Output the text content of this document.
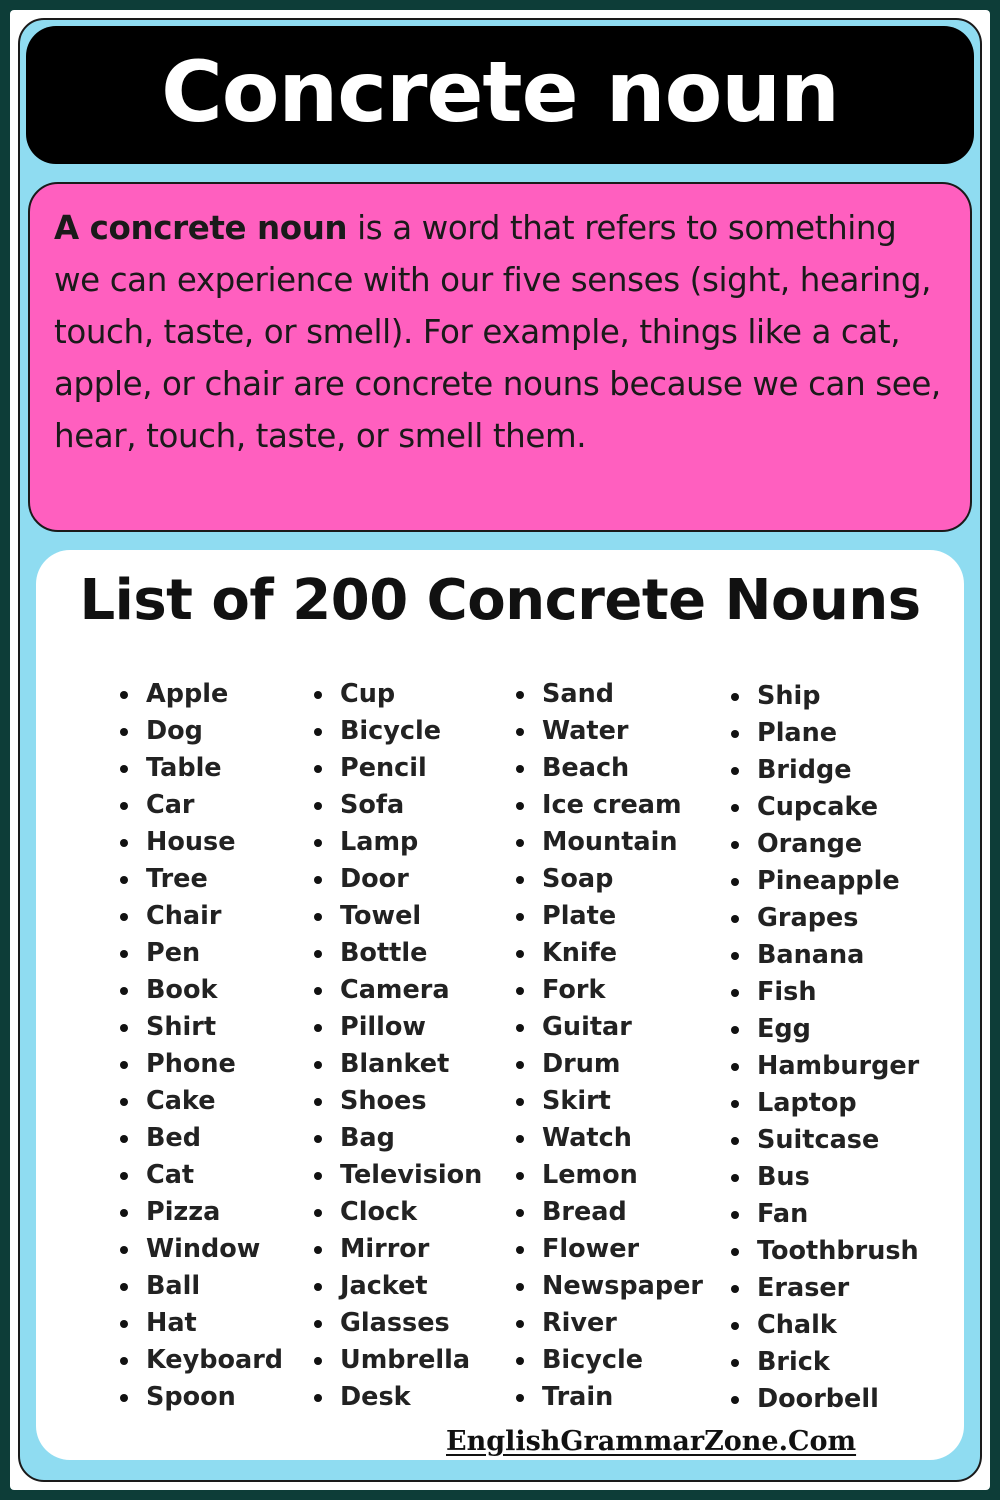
Concrete noun

A concrete noun is a word that refers to something we can experience with our five senses (sight, hearing, touch, taste, or smell). For example, things like a cat, apple, or chair are concrete nouns because we can see, hear, touch, taste, or smell them.

List of 200 Concrete Nouns
Apple
Dog
Table
Car
House
Tree
Chair
Pen
Book
Shirt
Phone
Cake
Bed
Cat
Pizza
Window
Ball
Hat
Keyboard
Spoon
Cup
Bicycle
Pencil
Sofa
Lamp
Door
Towel
Bottle
Camera
Pillow
Blanket
Shoes
Bag
Television
Clock
Mirror
Jacket
Glasses
Umbrella
Desk
Sand
Water
Beach
Ice cream
Mountain
Soap
Plate
Knife
Fork
Guitar
Drum
Skirt
Watch
Lemon
Bread
Flower
Newspaper
River
Bicycle
Train
Ship
Plane
Bridge
Cupcake
Orange
Pineapple
Grapes
Banana
Fish
Egg
Hamburger
Laptop
Suitcase
Bus
Fan
Toothbrush
Eraser
Chalk
Brick
Doorbell
EnglishGrammarZone.Com
